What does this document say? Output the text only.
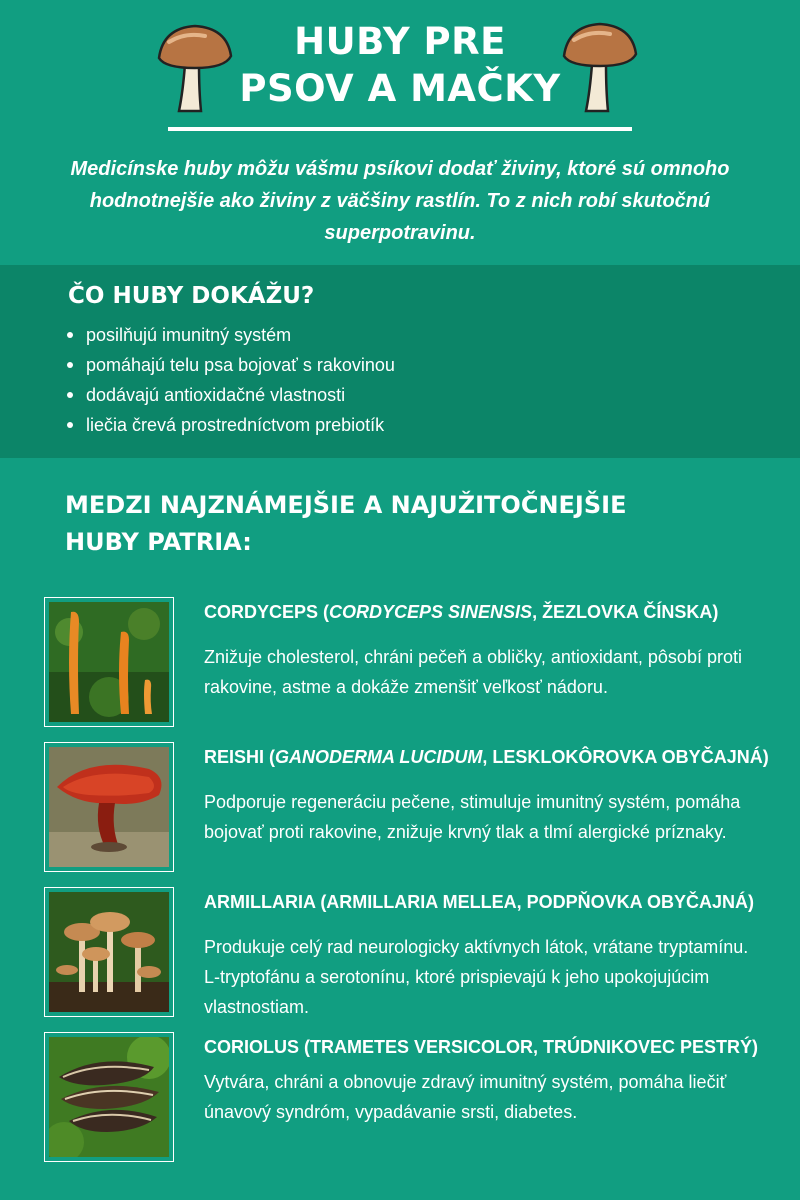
HUBY PRE
PSOV A MAČKY
Medicínske huby môžu vášmu psíkovi dodať živiny, ktoré sú omnoho hodnotnejšie ako živiny z väčšiny rastlín. To z nich robí skutočnú superpotravinu.
ČO HUBY DOKÁŽU?
posilňujú imunitný systém
pomáhajú telu psa bojovať s rakovinou
dodávajú antioxidačné vlastnosti
liečia črevá prostredníctvom prebiotík
MEDZI NAJZNÁMEJŠIE A NAJUŽITOČNEJŠIE
HUBY PATRIA:
CORDYCEPS (CORDYCEPS SINENSIS, ŽEZLOVKA ČÍNSKA)
Znižuje cholesterol, chráni pečeň a obličky, antioxidant, pôsobí proti rakovine, astme a dokáže zmenšiť veľkosť nádoru.
REISHI (GANODERMA LUCIDUM, LESKLOKÔROVKA OBYČAJNÁ)
Podporuje regeneráciu pečene, stimuluje imunitný systém, pomáha bojovať proti rakovine, znižuje krvný tlak a tlmí alergické príznaky.
ARMILLARIA (ARMILLARIA MELLEA, PODPŇOVKA OBYČAJNÁ)
Produkuje celý rad neurologicky aktívnych látok, vrátane tryptamínu. L-tryptofánu a serotonínu, ktoré prispievajú k jeho upokojujúcim vlastnostiam.
CORIOLUS (TRAMETES VERSICOLOR, TRÚDNIKOVEC PESTRÝ)
Vytvára, chráni a obnovuje zdravý imunitný systém, pomáha liečiť únavový syndróm, vypadávanie srsti, diabetes.
